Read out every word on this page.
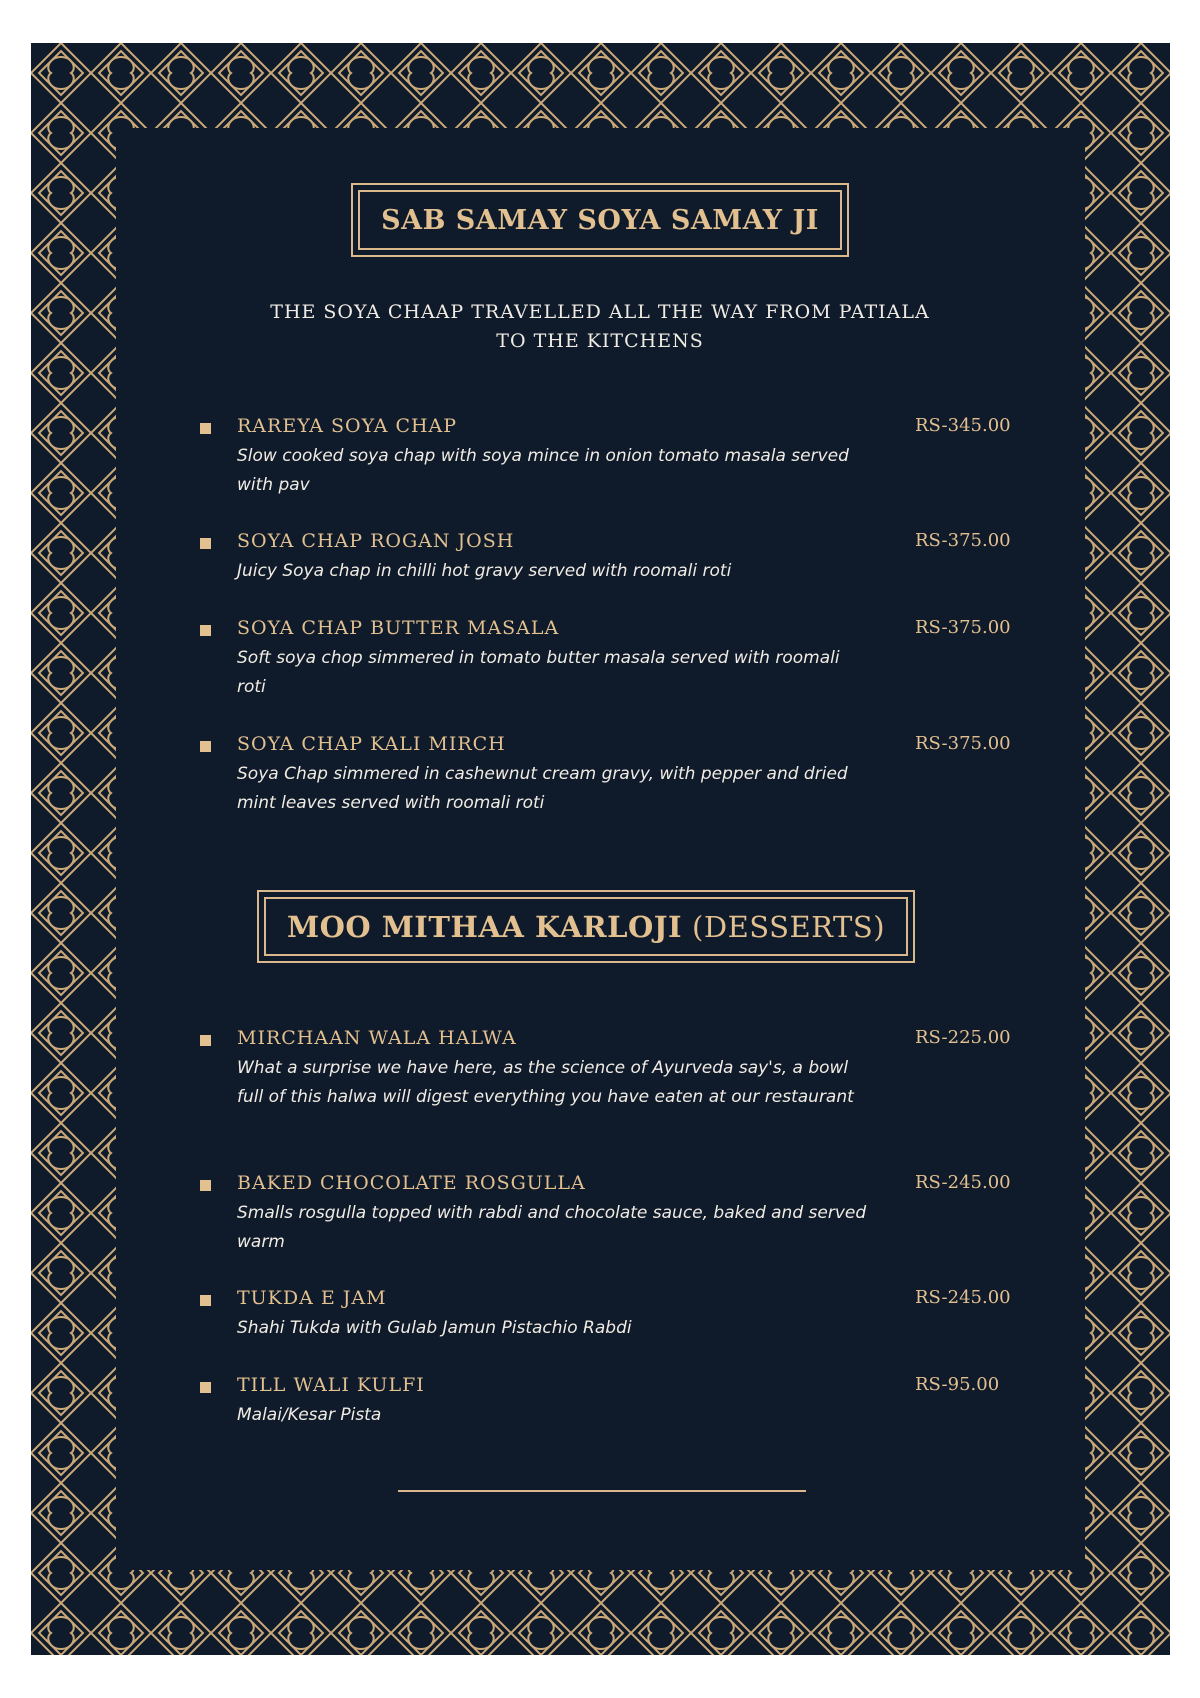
SAB SAMAY SOYA SAMAY JI
THE SOYA CHAAP TRAVELLED ALL THE WAY FROM PATIALA
TO THE KITCHENS
RAREYA SOYA CHAP	RS-345.00
Slow cooked soya chap with soya mince in onion tomato masala served with pav
SOYA CHAP ROGAN JOSH	RS-375.00
Juicy Soya chap in chilli hot gravy served with roomali roti
SOYA CHAP BUTTER MASALA	RS-375.00
Soft soya chop simmered in tomato butter masala served with roomali roti
SOYA CHAP KALI MIRCH	RS-375.00
Soya Chap simmered in cashewnut cream gravy, with pepper and dried mint leaves served with roomali roti
MOO MITHAA KARLOJI (DESSERTS)
MIRCHAAN WALA HALWA	RS-225.00
What a surprise we have here, as the science of Ayurveda say's, a bowl full of this halwa will digest everything you have eaten at our restaurant
BAKED CHOCOLATE ROSGULLA	RS-245.00
Smalls rosgulla topped with rabdi and chocolate sauce, baked and served warm
TUKDA E JAM	RS-245.00
Shahi Tukda with Gulab Jamun Pistachio Rabdi
TILL WALI KULFI	RS-95.00
Malai/Kesar Pista
